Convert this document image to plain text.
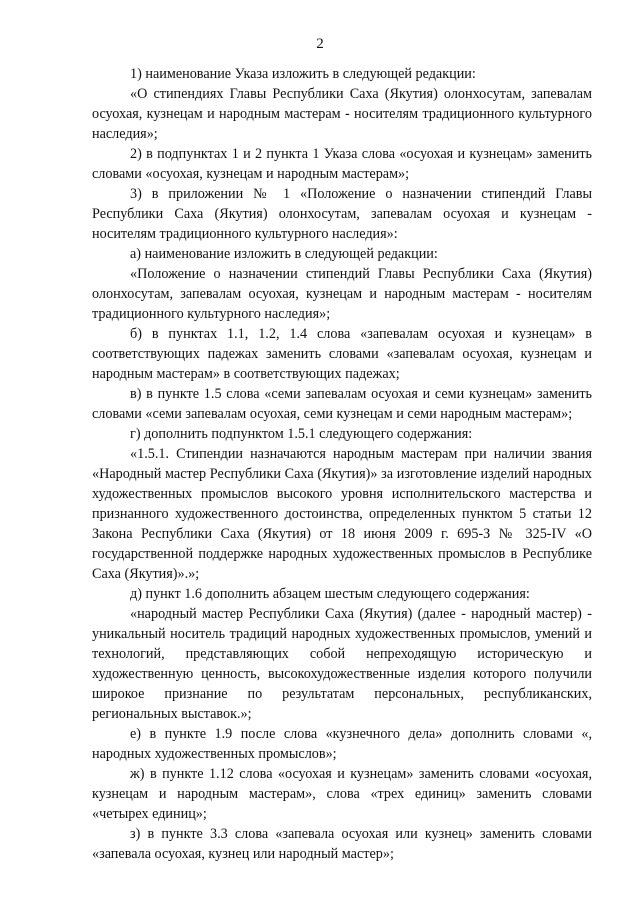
2

1) наименование Указа изложить в следующей редакции:

«О стипендиях Главы Республики Саха (Якутия) олонхосутам, запевалам осуохая, кузнецам и народным мастерам - носителям традиционного культурного наследия»;

2) в подпунктах 1 и 2 пункта 1 Указа слова «осуохая и кузнецам» заменить словами «осуохая, кузнецам и народным мастерам»;

3) в приложении № 1 «Положение о назначении стипендий Главы Республики Саха (Якутия) олонхосутам, запевалам осуохая и кузнецам - носителям традиционного культурного наследия»:

а) наименование изложить в следующей редакции:

«Положение о назначении стипендий Главы Республики Саха (Якутия) олонхосутам, запевалам осуохая, кузнецам и народным мастерам - носителям традиционного культурного наследия»;

б) в пунктах 1.1, 1.2, 1.4 слова «запевалам осуохая и кузнецам» в соответствующих падежах заменить словами «запевалам осуохая, кузнецам и народным мастерам» в соответствующих падежах;

в) в пункте 1.5 слова «семи запевалам осуохая и семи кузнецам» заменить словами «семи запевалам осуохая, семи кузнецам и семи народным мастерам»;

г) дополнить подпунктом 1.5.1 следующего содержания:

«1.5.1. Стипендии назначаются народным мастерам при наличии звания «Народный мастер Республики Саха (Якутия)» за изготовление изделий народных художественных промыслов высокого уровня исполнительского мастерства и признанного художественного достоинства, определенных пунктом 5 статьи 12 Закона Республики Саха (Якутия) от 18 июня 2009 г. 695-З № 325-IV «О государственной поддержке народных художественных промыслов в Республике Саха (Якутия)».»;

д) пункт 1.6 дополнить абзацем шестым следующего содержания:

«народный мастер Республики Саха (Якутия) (далее - народный мастер) - уникальный носитель традиций народных художественных промыслов, умений и технологий, представляющих собой непреходящую историческую и художественную ценность, высокохудожественные изделия которого получили широкое признание по результатам персональных, республиканских, региональных выставок.»;

е) в пункте 1.9 после слова «кузнечного дела» дополнить словами «, народных художественных промыслов»;

ж) в пункте 1.12 слова «осуохая и кузнецам» заменить словами «осуохая, кузнецам и народным мастерам», слова «трех единиц» заменить словами «четырех единиц»;

з) в пункте 3.3 слова «запевала осуохая или кузнец» заменить словами «запевала осуохая, кузнец или народный мастер»;
